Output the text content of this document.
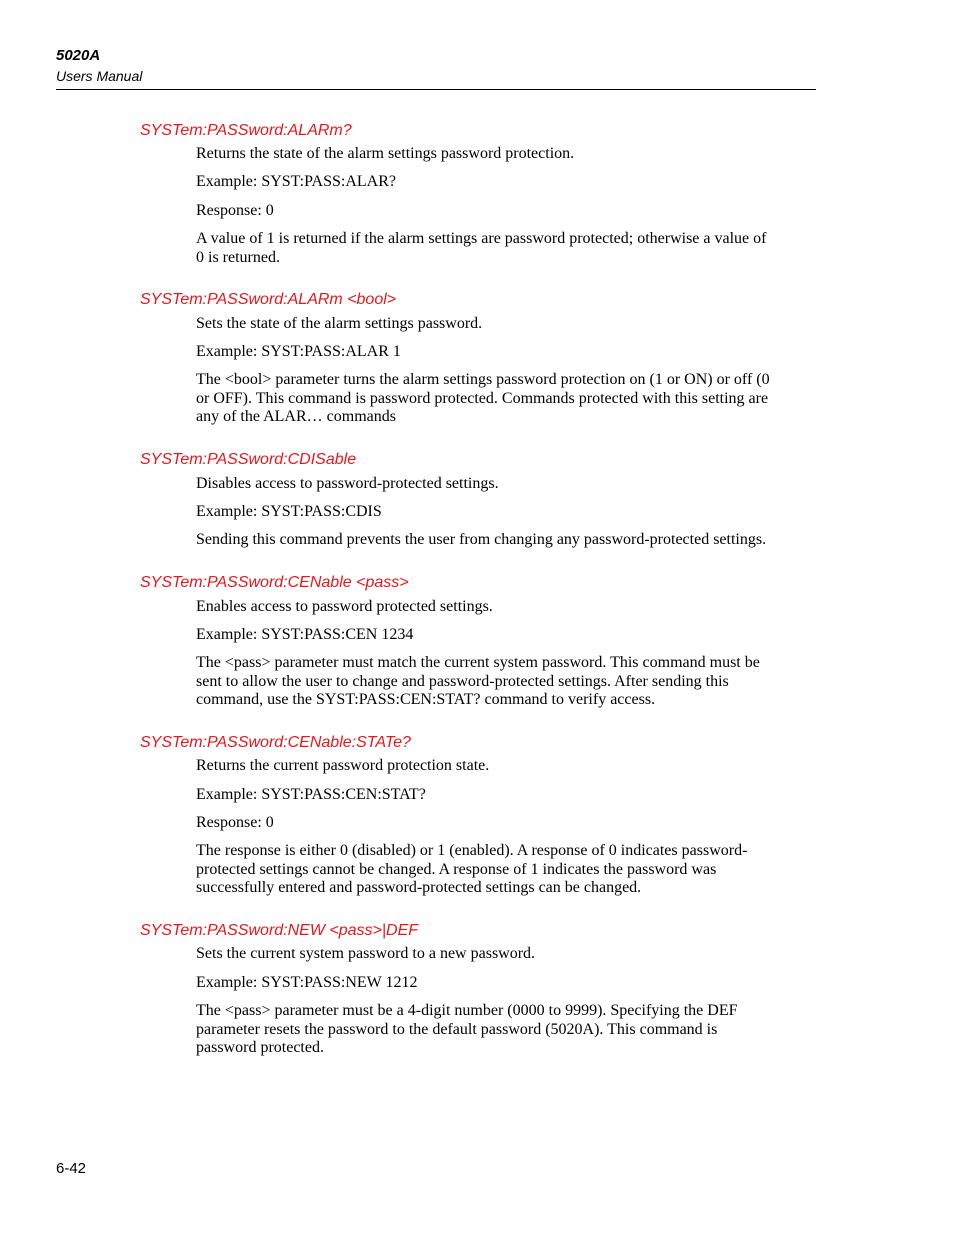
5020A
Users Manual
SYSTem:PASSword:ALARm?
Returns the state of the alarm settings password protection.
Example: SYST:PASS:ALAR?
Response: 0
A value of 1 is returned if the alarm settings are password protected; otherwise a value of
0 is returned.
SYSTem:PASSword:ALARm <bool>
Sets the state of the alarm settings password.
Example: SYST:PASS:ALAR 1
The <bool> parameter turns the alarm settings password protection on (1 or ON) or off (0
or OFF). This command is password protected. Commands protected with this setting are
any of the ALAR… commands
SYSTem:PASSword:CDISable
Disables access to password-protected settings.
Example: SYST:PASS:CDIS
Sending this command prevents the user from changing any password-protected settings.
SYSTem:PASSword:CENable <pass>
Enables access to password protected settings.
Example: SYST:PASS:CEN 1234
The <pass> parameter must match the current system password. This command must be
sent to allow the user to change and password-protected settings. After sending this
command, use the SYST:PASS:CEN:STAT? command to verify access.
SYSTem:PASSword:CENable:STATe?
Returns the current password protection state.
Example: SYST:PASS:CEN:STAT?
Response: 0
The response is either 0 (disabled) or 1 (enabled). A response of 0 indicates password-
protected settings cannot be changed. A response of 1 indicates the password was
successfully entered and password-protected settings can be changed.
SYSTem:PASSword:NEW <pass>|DEF
Sets the current system password to a new password.
Example: SYST:PASS:NEW 1212
The <pass> parameter must be a 4-digit number (0000 to 9999). Specifying the DEF
parameter resets the password to the default password (5020A). This command is
password protected.
6-42
